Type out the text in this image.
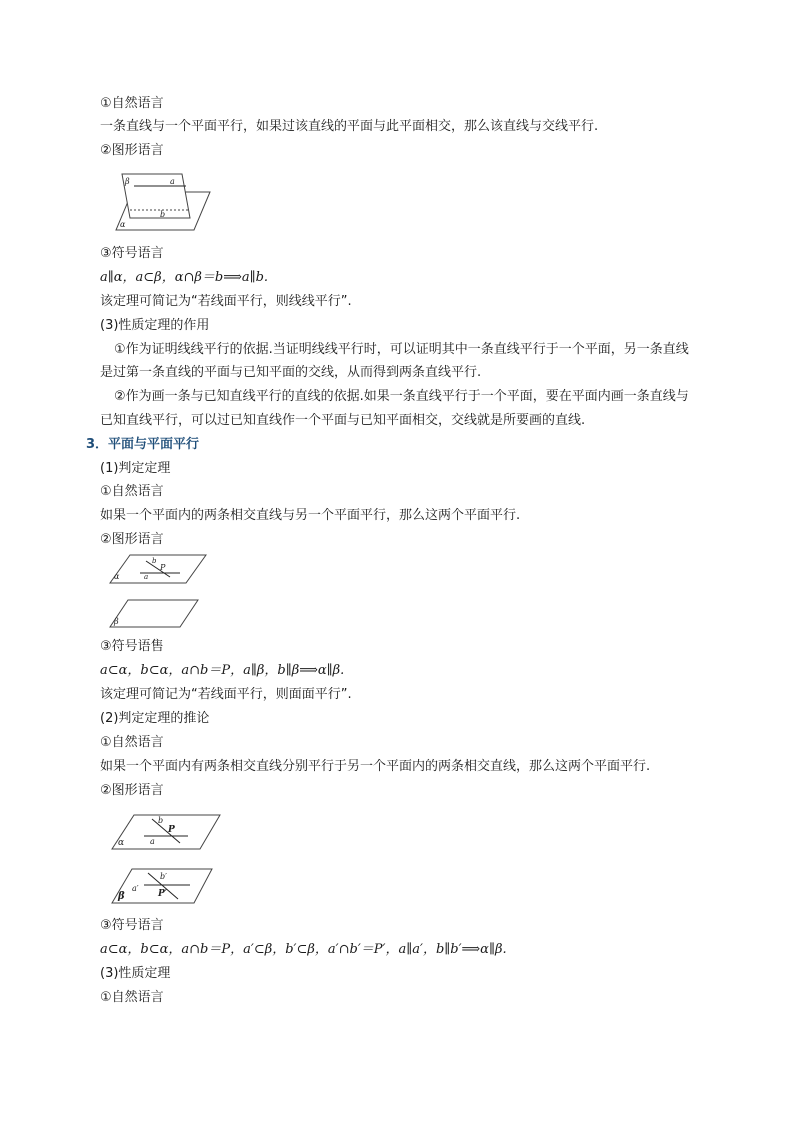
①自然语言
一条直线与一个平面平行，如果过该直线的平面与此平面相交，那么该直线与交线平行.
②图形语言
β	a
b
α
③符号语言
a∥α，a⊂β，α∩β＝b⟹a∥b.
该定理可简记为“若线面平行，则线线平行”.
(3)性质定理的作用
①作为证明线线平行的依据.当证明线线平行时，可以证明其中一条直线平行于一个平面，另一条直线
是过第一条直线的平面与已知平面的交线，从而得到两条直线平行.
②作为画一条与已知直线平行的直线的依据.如果一条直线平行于一个平面，要在平面内画一条直线与
已知直线平行，可以过已知直线作一个平面与已知平面相交，交线就是所要画的直线.
3．平面与平面平行
(1)判定定理
①自然语言
如果一个平面内的两条相交直线与另一个平面平行，那么这两个平面平行.
②图形语言
α
b
P
a
β
③符号语售
a⊂α，b⊂α，a∩b＝P，a∥β，b∥β⟹α∥β.
该定理可简记为“若线面平行，则面面平行”.
(2)判定定理的推论
①自然语言
如果一个平面内有两条相交直线分别平行于另一个平面内的两条相交直线，那么这两个平面平行.
②图形语言
α
b
P
a
β
a′
b′
P′
③符号语言
a⊂α，b⊂α，a∩b＝P，a′⊂β，b′⊂β，a′∩b′＝P′，a∥a′，b∥b′⟹α∥β.
(3)性质定理
①自然语言
